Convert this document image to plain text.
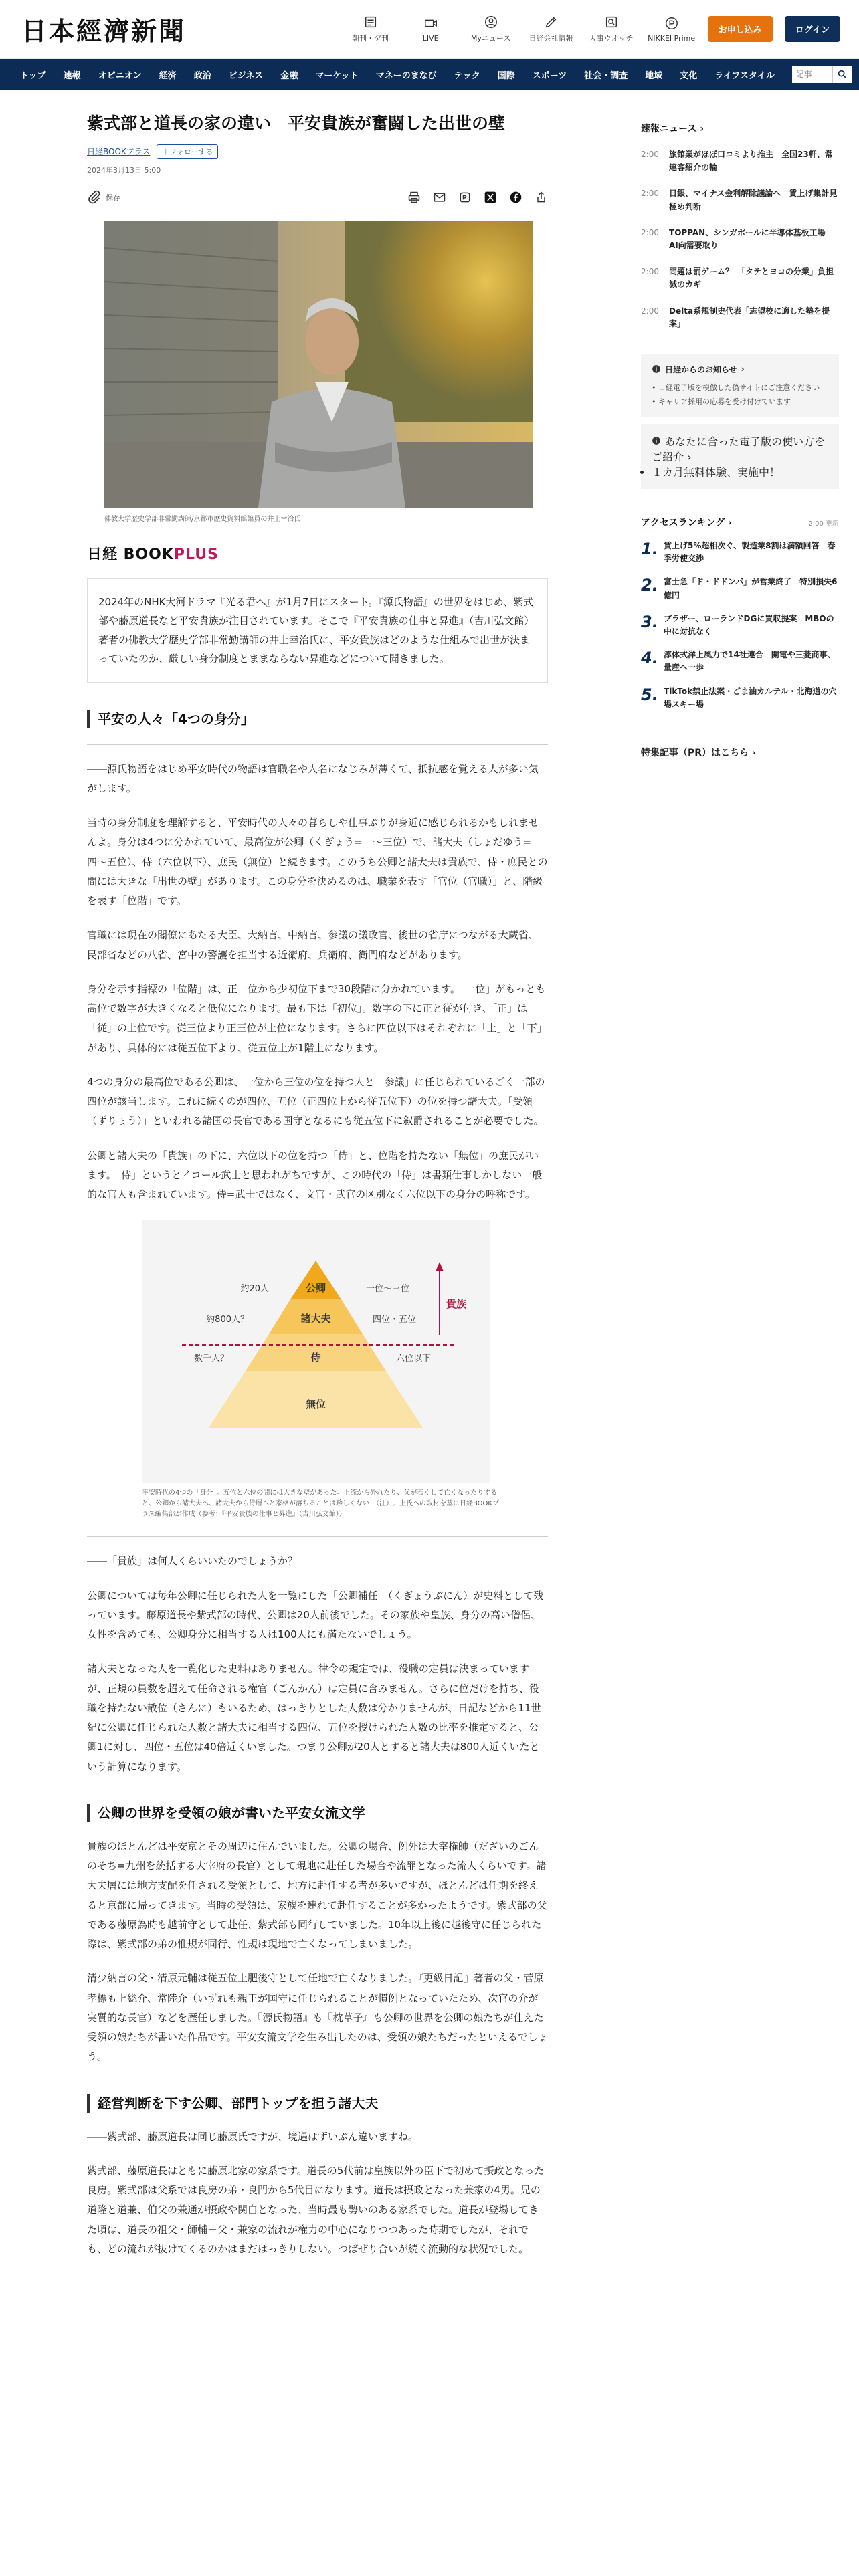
日本經濟新聞	朝刊・夕刊	LIVE	Myニュース 日経会社情報 人事ウオッチ NIKKEI Prime
お申し込み	ログイン
トップ	速報	オピニオン	経済	政治	ビジネス	金融	マーケット	マネーのまなび	テック	国際	スポーツ	社会・調査	地域	文化	ライフスタイル
記事
紫式部と道長の家の違い　平安貴族が奮闘した出世の壁
日経BOOKプラス	＋フォローする
2024年3月13日 5:00
保存
佛教大学歴史学部非常勤講師/京都市歴史資料館館員の井上幸治氏
日経 BOOKPLUS
2024年のNHK大河ドラマ『光る君へ』が1月7日にスタート。『源氏物語』の世界をはじめ、紫式部や藤原道長など平安貴族が注目されています。そこで『平安貴族の仕事と昇進』（吉川弘文館）著者の佛教大学歴史学部非常勤講師の井上幸治氏に、平安貴族はどのような仕組みで出世が決まっていたのか、厳しい身分制度とままならない昇進などについて聞きました。
平安の人々「4つの身分」

――源氏物語をはじめ平安時代の物語は官職名や人名になじみが薄くて、抵抗感を覚える人が多い気がします。

当時の身分制度を理解すると、平安時代の人々の暮らしや仕事ぶりが身近に感じられるかもしれませんよ。身分は4つに分かれていて、最高位が公卿（くぎょう=一〜三位）で、諸大夫（しょだゆう=四〜五位）、侍（六位以下）、庶民（無位）と続きます。このうち公卿と諸大夫は貴族で、侍・庶民との間には大きな「出世の壁」があります。この身分を決めるのは、職業を表す「官位（官職）」と、階級を表す「位階」です。

官職には現在の閣僚にあたる大臣、大納言、中納言、参議の議政官、後世の省庁につながる大蔵省、民部省などの八省、宮中の警護を担当する近衛府、兵衛府、衛門府などがあります。

身分を示す指標の「位階」は、正一位から少初位下まで30段階に分かれています。「一位」がもっとも高位で数字が大きくなると低位になります。最も下は「初位」。数字の下に正と従が付き、「正」は「従」の上位です。従三位より正三位が上位になります。さらに四位以下はそれぞれに「上」と「下」があり、具体的には従五位下より、従五位上が1階上になります。

4つの身分の最高位である公卿は、一位から三位の位を持つ人と「参議」に任じられているごく一部の四位が該当します。これに続くのが四位、五位（正四位上から従五位下）の位を持つ諸大夫。「受領（ずりょう）」といわれる諸国の長官である国守となるにも従五位下に叙爵されることが必要でした。

公卿と諸大夫の「貴族」の下に、六位以下の位を持つ「侍」と、位階を持たない「無位」の庶民がいます。「侍」というとイコール武士と思われがちですが、この時代の「侍」は書類仕事しかしない一般的な官人も含まれています。侍=武士ではなく、文官・武官の区別なく六位以下の身分の呼称です。

公卿
諸大夫
侍
無位
約20人
約800人？
数千人？
一位〜三位
四位・五位
六位以下
貴族
平安時代の4つの「身分」。五位と六位の間には大きな壁があった。上流から外れたり、父が若くして亡くなったりすると、公卿から諸大夫へ、諸大夫から侍層へと家格が落ちることは珍しくない　（注）井上氏への取材を基に日経BOOKプラス編集部が作成（参考：『平安貴族の仕事と昇進』（吉川弘文館））

――「貴族」は何人くらいいたのでしょうか？

公卿については毎年公卿に任じられた人を一覧にした「公卿補任」（くぎょうぶにん）が史料として残っています。藤原道長や紫式部の時代、公卿は20人前後でした。その家族や皇族、身分の高い僧侶、女性を含めても、公卿身分に相当する人は100人にも満たないでしょう。

諸大夫となった人を一覧化した史料はありません。律令の規定では、役職の定員は決まっていますが、正規の員数を超えて任命される権官（ごんかん）は定員に含みません。さらに位だけを持ち、役職を持たない散位（さんに）もいるため、はっきりとした人数は分かりませんが、日記などから11世紀に公卿に任じられた人数と諸大夫に相当する四位、五位を授けられた人数の比率を推定すると、公卿1に対し、四位・五位は40倍近くいました。つまり公卿が20人とすると諸大夫は800人近くいたという計算になります。

公卿の世界を受領の娘が書いた平安女流文学

貴族のほとんどは平安京とその周辺に住んでいました。公卿の場合、例外は大宰権帥（だざいのごんのそち=九州を統括する大宰府の長官）として現地に赴任した場合や流罪となった流人くらいです。諸大夫層には地方支配を任される受領として、地方に赴任する者が多いですが、ほとんどは任期を終えると京都に帰ってきます。当時の受領は、家族を連れて赴任することが多かったようです。紫式部の父である藤原為時も越前守として赴任、紫式部も同行していました。10年以上後に越後守に任じられた際は、紫式部の弟の惟規が同行、惟規は現地で亡くなってしまいました。

清少納言の父・清原元輔は従五位上肥後守として任地で亡くなりました。『更級日記』著者の父・菅原孝標も上総介、常陸介（いずれも親王が国守に任じられることが慣例となっていたため、次官の介が実質的な長官）などを歴任しました。『源氏物語』も『枕草子』も公卿の世界を公卿の娘たちが仕えた受領の娘たちが書いた作品です。平安女流文学を生み出したのは、受領の娘たちだったといえるでしょう。

経営判断を下す公卿、部門トップを担う諸大夫

――紫式部、藤原道長は同じ藤原氏ですが、境遇はずいぶん違いますね。

紫式部、藤原道長はともに藤原北家の家系です。道長の5代前は皇族以外の臣下で初めて摂政となった良房。紫式部は父系では良房の弟・良門から5代目になります。道長は摂政となった兼家の4男。兄の道隆と道兼、伯父の兼通が摂政や関白となった、当時最も勢いのある家系でした。道長が登場してきた頃は、道長の祖父・師輔－父・兼家の流れが権力の中心になりつつあった時期でしたが、それでも、どの流れが抜けてくるのかはまだはっきりしない。つばぜり合いが続く流動的な状況でした。

速報ニュース ›
2:00 旅館業がほぼ口コミより推主　全国23軒、常連客紹介の輪
2:00 日銀、マイナス金利解除議論へ　賃上げ集計見極め判断
2:00 TOPPAN、シンガポールに半導体基板工場　AI向需要取り
2:00 問題は罰ゲーム？　「タテとヨコの分業」負担減のカギ
2:00 Delta系規制史代表「志望校に適した塾を提案」
日経からのお知らせ ›
• 日経電子版を模倣した偽サイトにご注意ください
• キャリア採用の応募を受け付けています
あなたに合った電子版の使い方をご紹介 ›
• １カ月無料体験、実施中！
アクセスランキング ›	2:00 更新
1. 賃上げ5%超相次ぐ、製造業8割は満額回答　春季労使交渉
2. 富士急「ド・ドドンパ」が営業終了　特別損失6億円
3. ブラザー、ローランドDGに買収提案　MBOの中に対抗なく
4. 淳体式洋上風力で14社連合　開電や三菱商事、量産へ一歩
5. TikTok禁止法案・ごま油カルテル・北海道の穴場スキー場
特集記事（PR）はこちら ›
